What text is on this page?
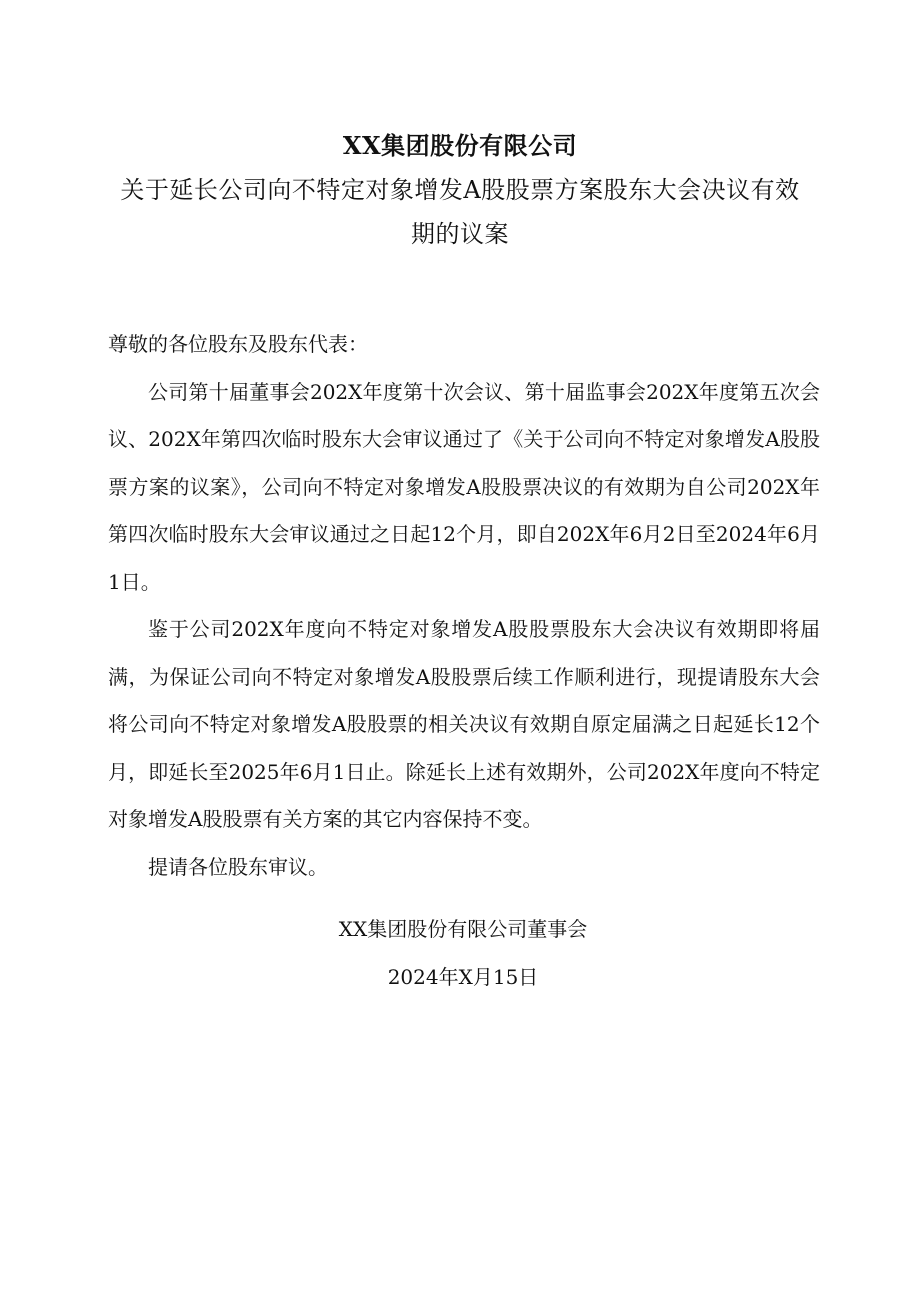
XX集团股份有限公司
关于延长公司向不特定对象增发A股股票方案股东大会决议有效
期的议案

尊敬的各位股东及股东代表：

公司第十届董事会202X年度第十次会议、第十届监事会202X年度第五次会议、202X年第四次临时股东大会审议通过了《关于公司向不特定对象增发A股股票方案的议案》，公司向不特定对象增发A股股票决议的有效期为自公司202X年第四次临时股东大会审议通过之日起12个月，即自202X年6月2日至2024年6月1日。

鉴于公司202X年度向不特定对象增发A股股票股东大会决议有效期即将届满，为保证公司向不特定对象增发A股股票后续工作顺利进行，现提请股东大会将公司向不特定对象增发A股股票的相关决议有效期自原定届满之日起延长12个月，即延长至2025年6月1日止。除延长上述有效期外，公司202X年度向不特定对象增发A股股票有关方案的其它内容保持不变。

提请各位股东审议。

XX集团股份有限公司董事会
2024年X月15日
